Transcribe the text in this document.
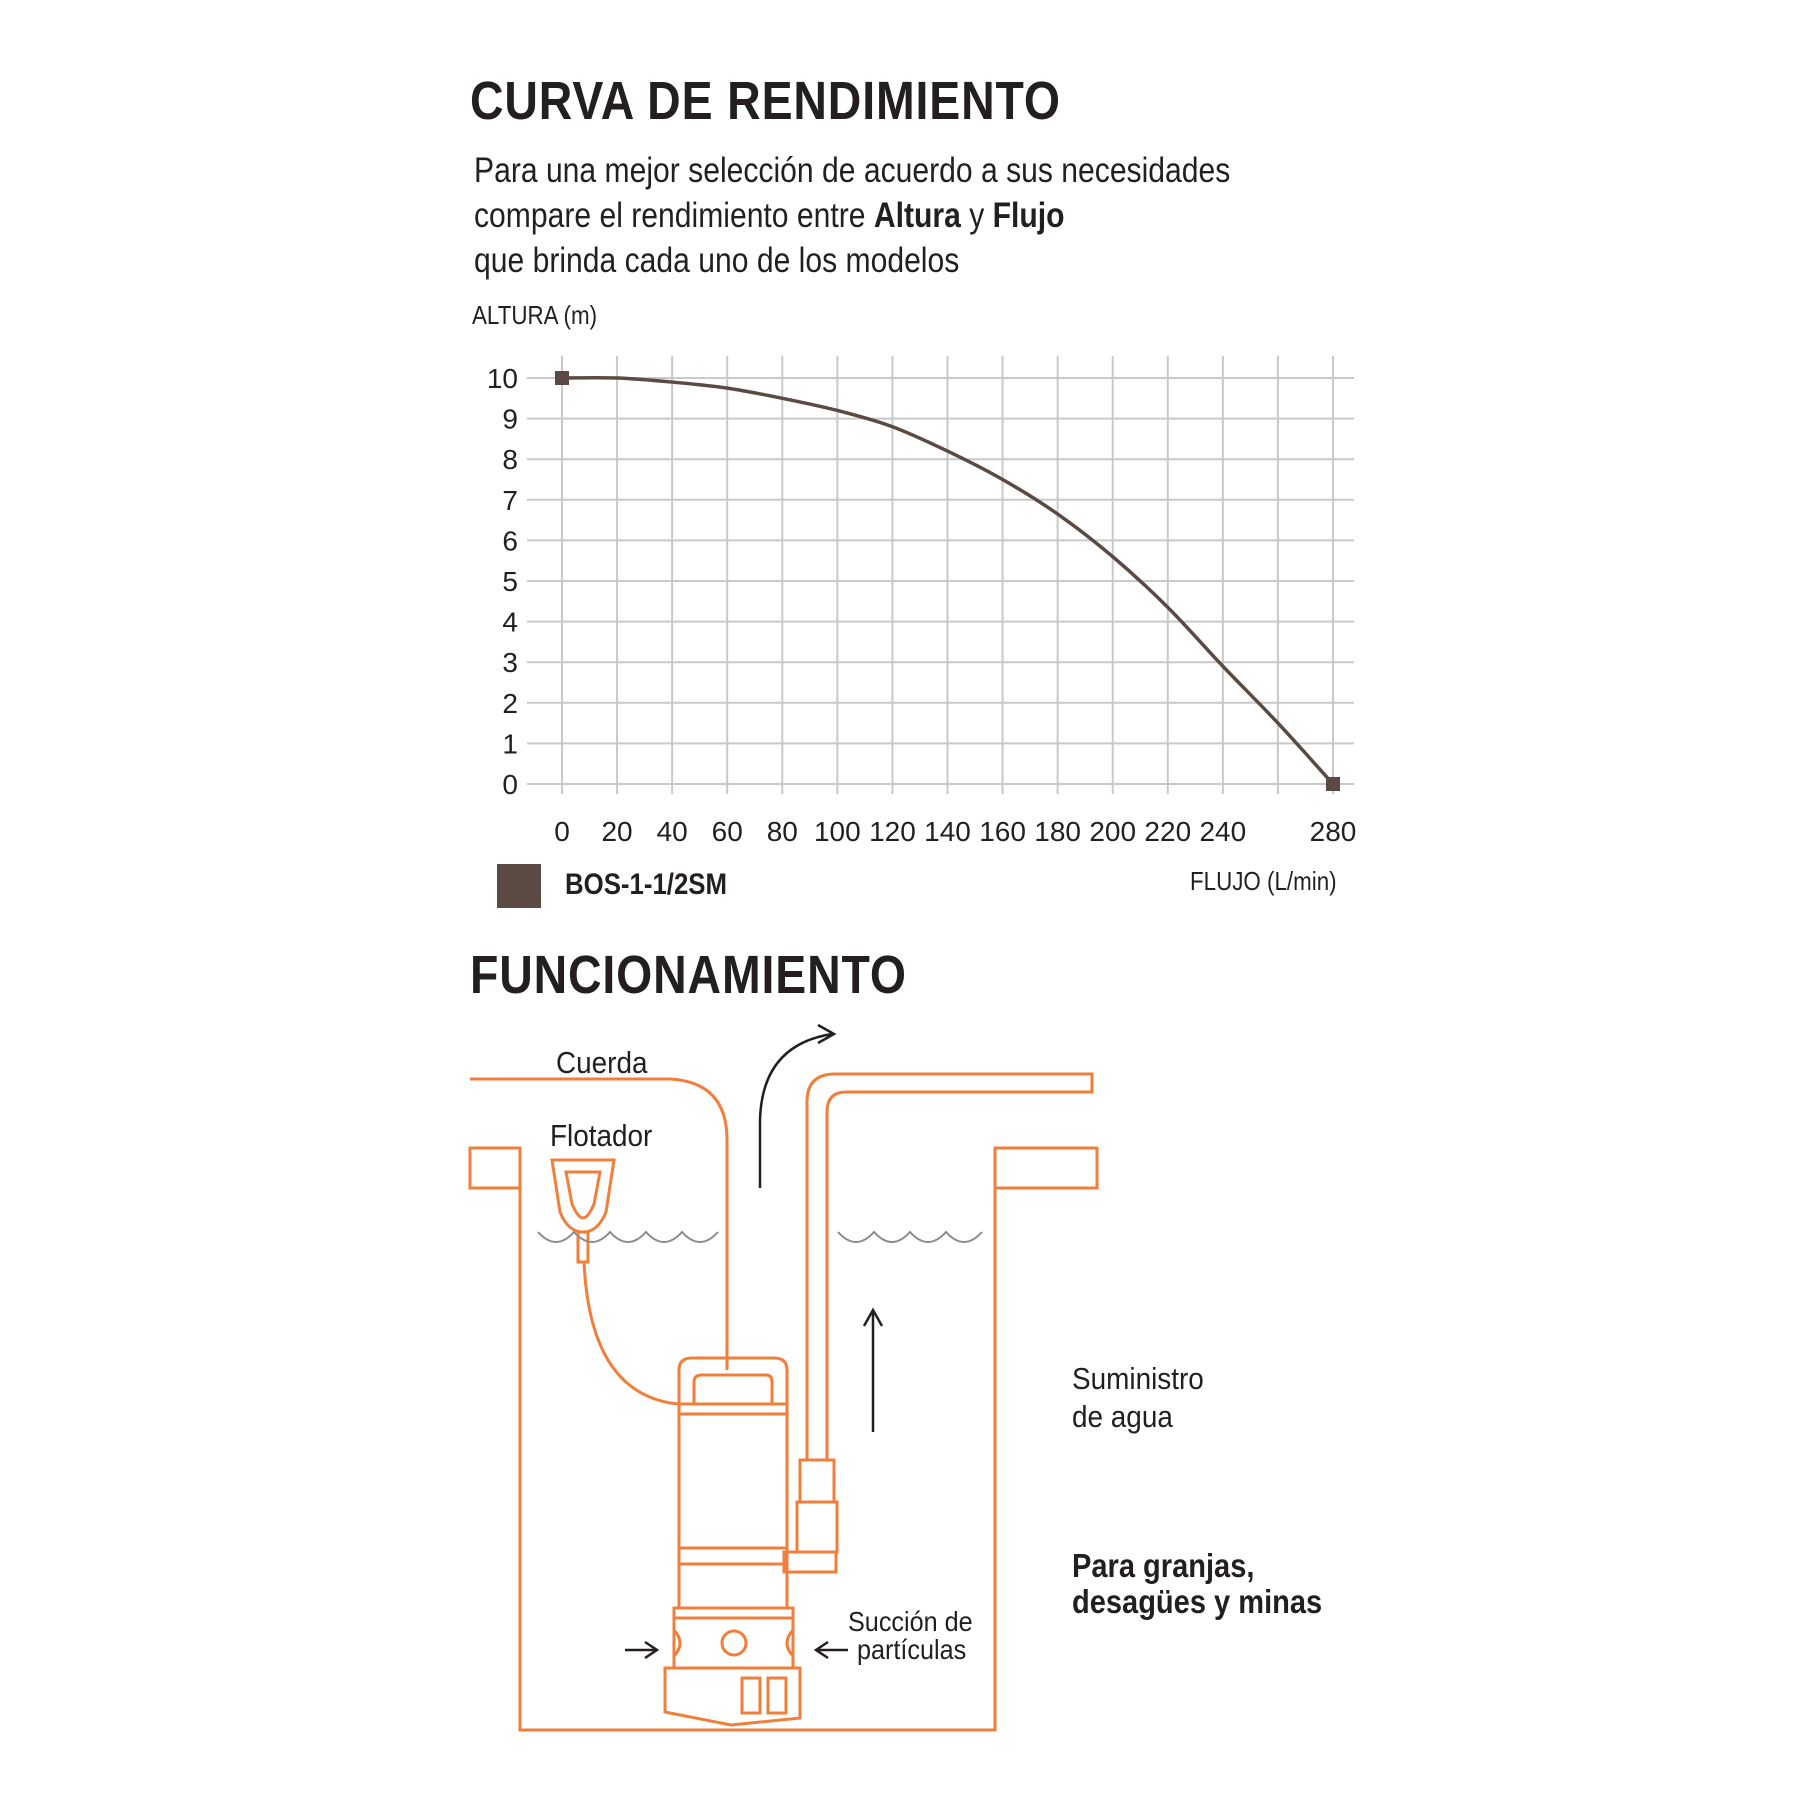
CURVA DE RENDIMIENTO
Para una mejor selección de acuerdo a sus necesidades
compare el rendimiento entre Altura y Flujo
que brinda cada uno de los modelos
ALTURA (m)
0
1
2
3
4
5
6
7
8
9
10
0 20 40 60 80 100 120 140 160 180 200 220 240 280
BOS-1-1/2SM	FLUJO (L/min)
FUNCIONAMIENTO
Cuerda
Flotador
Suministro
de agua
Succión de
partículas
Para granjas,
desagües y minas
